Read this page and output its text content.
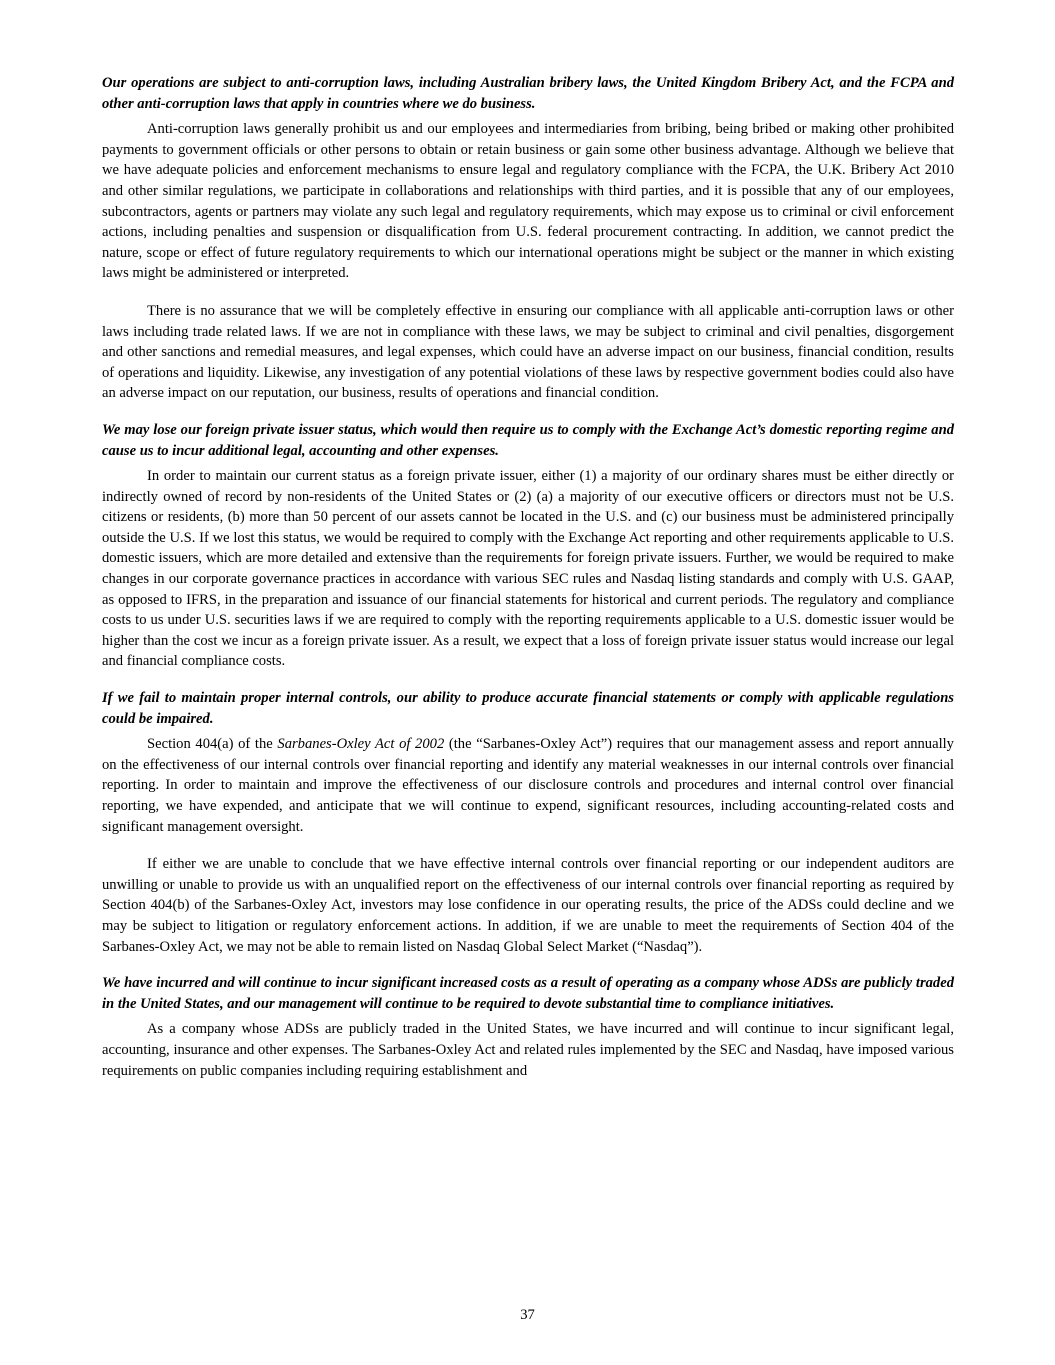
Our operations are subject to anti-corruption laws, including Australian bribery laws, the United Kingdom Bribery Act, and the FCPA and other anti-corruption laws that apply in countries where we do business.

Anti-corruption laws generally prohibit us and our employees and intermediaries from bribing, being bribed or making other prohibited payments to government officials or other persons to obtain or retain business or gain some other business advantage. Although we believe that we have adequate policies and enforcement mechanisms to ensure legal and regulatory compliance with the FCPA, the U.K. Bribery Act 2010 and other similar regulations, we participate in collaborations and relationships with third parties, and it is possible that any of our employees, subcontractors, agents or partners may violate any such legal and regulatory requirements, which may expose us to criminal or civil enforcement actions, including penalties and suspension or disqualification from U.S. federal procurement contracting. In addition, we cannot predict the nature, scope or effect of future regulatory requirements to which our international operations might be subject or the manner in which existing laws might be administered or interpreted.

There is no assurance that we will be completely effective in ensuring our compliance with all applicable anti-corruption laws or other laws including trade related laws. If we are not in compliance with these laws, we may be subject to criminal and civil penalties, disgorgement and other sanctions and remedial measures, and legal expenses, which could have an adverse impact on our business, financial condition, results of operations and liquidity. Likewise, any investigation of any potential violations of these laws by respective government bodies could also have an adverse impact on our reputation, our business, results of operations and financial condition.

We may lose our foreign private issuer status, which would then require us to comply with the Exchange Act’s domestic reporting regime and cause us to incur additional legal, accounting and other expenses.

In order to maintain our current status as a foreign private issuer, either (1) a majority of our ordinary shares must be either directly or indirectly owned of record by non-residents of the United States or (2) (a) a majority of our executive officers or directors must not be U.S. citizens or residents, (b) more than 50 percent of our assets cannot be located in the U.S. and (c) our business must be administered principally outside the U.S. If we lost this status, we would be required to comply with the Exchange Act reporting and other requirements applicable to U.S. domestic issuers, which are more detailed and extensive than the requirements for foreign private issuers. Further, we would be required to make changes in our corporate governance practices in accordance with various SEC rules and Nasdaq listing standards and comply with U.S. GAAP, as opposed to IFRS, in the preparation and issuance of our financial statements for historical and current periods. The regulatory and compliance costs to us under U.S. securities laws if we are required to comply with the reporting requirements applicable to a U.S. domestic issuer would be higher than the cost we incur as a foreign private issuer. As a result, we expect that a loss of foreign private issuer status would increase our legal and financial compliance costs.

If we fail to maintain proper internal controls, our ability to produce accurate financial statements or comply with applicable regulations could be impaired.

Section 404(a) of the Sarbanes-Oxley Act of 2002 (the “Sarbanes-Oxley Act”) requires that our management assess and report annually on the effectiveness of our internal controls over financial reporting and identify any material weaknesses in our internal controls over financial reporting. In order to maintain and improve the effectiveness of our disclosure controls and procedures and internal control over financial reporting, we have expended, and anticipate that we will continue to expend, significant resources, including accounting-related costs and significant management oversight.

If either we are unable to conclude that we have effective internal controls over financial reporting or our independent auditors are unwilling or unable to provide us with an unqualified report on the effectiveness of our internal controls over financial reporting as required by Section 404(b) of the Sarbanes-Oxley Act, investors may lose confidence in our operating results, the price of the ADSs could decline and we may be subject to litigation or regulatory enforcement actions. In addition, if we are unable to meet the requirements of Section 404 of the Sarbanes-Oxley Act, we may not be able to remain listed on Nasdaq Global Select Market (“Nasdaq”).

We have incurred and will continue to incur significant increased costs as a result of operating as a company whose ADSs are publicly traded in the United States, and our management will continue to be required to devote substantial time to compliance initiatives.

As a company whose ADSs are publicly traded in the United States, we have incurred and will continue to incur significant legal, accounting, insurance and other expenses. The Sarbanes-Oxley Act and related rules implemented by the SEC and Nasdaq, have imposed various requirements on public companies including requiring establishment and

37
